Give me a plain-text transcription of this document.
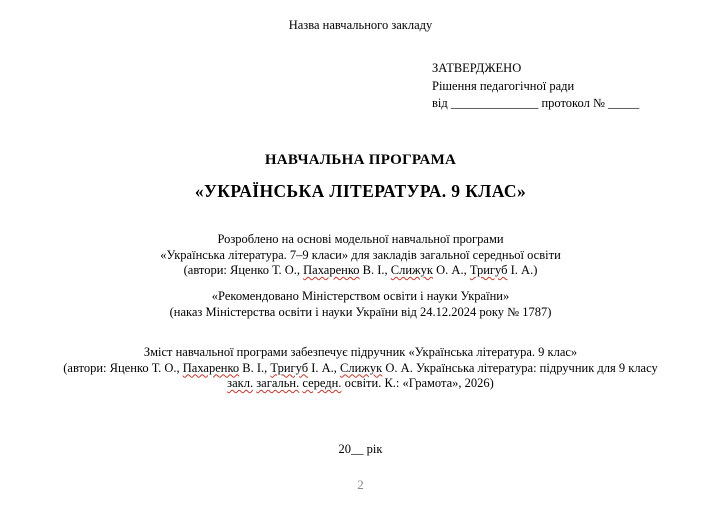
Назва навчального закладу
ЗАТВЕРДЖЕНО
Рішення педагогічної ради
від ______________ протокол № _____
НАВЧАЛЬНА ПРОГРАМА
«УКРАЇНСЬКА ЛІТЕРАТУРА. 9 КЛАС»
Розроблено на основі модельної навчальної програми
«Українська література. 7–9 класи» для закладів загальної середньої освіти
(автори: Яценко Т. О., Пахаренко В. І., Слижук О. А., Тригуб І. А.)
«Рекомендовано Міністерством освіти і науки України»
(наказ Міністерства освіти і науки України від 24.12.2024 року № 1787)
Зміст навчальної програми забезпечує підручник «Українська література. 9 клас»
(автори: Яценко Т. О., Пахаренко В. І., Тригуб І. А., Слижук О. А. Українська література: підручник для 9 класу
закл. загальн. середн. освіти. К.: «Грамота», 2026)
20__ рік
2
